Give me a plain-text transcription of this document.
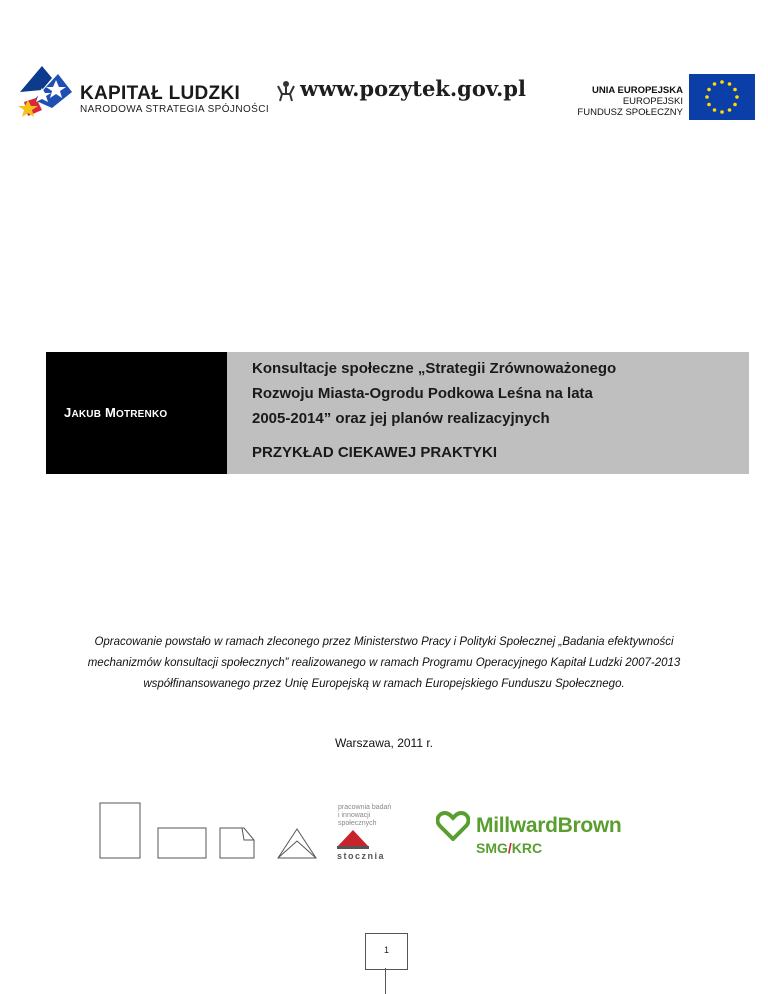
KAPITAŁ LUDZKI
NARODOWA STRATEGIA SPÓJNOŚCI
www.pozytek.gov.pl	UNIA EUROPEJSKA
EUROPEJSKI
FUNDUSZ SPOŁECZNY
JAKUB MOTRENKO
Konsultacje społeczne „Strategii Zrównoważonego
Rozwoju Miasta-Ogrodu Podkowa Leśna na lata
2005-2014” oraz jej planów realizacyjnych
PRZYKŁAD CIEKAWEJ PRAKTYKI
Opracowanie powstało w ramach zleconego przez Ministerstwo Pracy i Polityki Społecznej „Badania efektywności
mechanizmów konsultacji społecznych” realizowanego w ramach Programu Operacyjnego Kapitał Ludzki 2007-2013
współfinansowanego przez Unię Europejską w ramach Europejskiego Funduszu Społecznego.
Warszawa, 2011 r.
pracownia badań
i innowacji
społecznych
stocznia
MillwardBrown
SMG/KRC
1
